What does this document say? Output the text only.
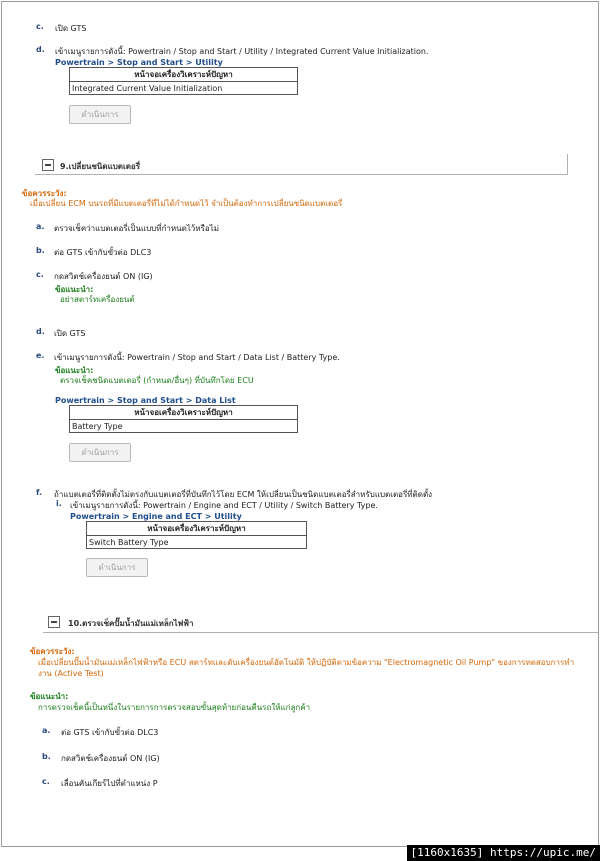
c. เปิด GTS
d. เข้าเมนูรายการดังนี้: Powertrain / Stop and Start / Utility / Integrated Current Value Initialization.
Powertrain > Stop and Start > Utility
หน้าจอเครื่องวิเคราะห์ปัญหา
Integrated Current Value Initialization
ดำเนินการ
9.เปลี่ยนชนิดแบตเตอรี่
ข้อควรระวัง:
เมื่อเปลี่ยน ECM บนรถที่มีแบตเตอรี่ที่ไม่ได้กำหนดไว้ จำเป็นต้องทำการเปลี่ยนชนิดแบตเตอรี่
a. ตรวจเช็คว่าแบตเตอรี่เป็นแบบที่กำหนดไว้หรือไม่
b. ต่อ GTS เข้ากับขั้วต่อ DLC3
c. กดสวิตช์เครื่องยนต์ ON (IG)
ข้อแนะนำ:
อย่าสตาร์ทเครื่องยนต์
d. เปิด GTS
e. เข้าเมนูรายการดังนี้: Powertrain / Stop and Start / Data List / Battery Type.
ข้อแนะนำ:
ตรวจเช็คชนิดแบตเตอรี่ (กำหนด/อื่นๆ) ที่บันทึกโดย ECU
Powertrain > Stop and Start > Data List
หน้าจอเครื่องวิเคราะห์ปัญหา
Battery Type
ดำเนินการ
f. ถ้าแบตเตอรี่ที่ติดตั้งไม่ตรงกับแบตเตอรี่ที่บันทึกไว้โดย ECM ให้เปลี่ยนเป็นชนิดแบตเตอรี่สำหรับแบตเตอรี่ที่ติดตั้ง
i. เข้าเมนูรายการดังนี้: Powertrain / Engine and ECT / Utility / Switch Battery Type.
Powertrain > Engine and ECT > Utility
หน้าจอเครื่องวิเคราะห์ปัญหา
Switch Battery Type
ดำเนินการ
10.ตรวจเช็คปั๊มน้ำมันแม่เหล็กไฟฟ้า
ข้อควรระวัง:
เมื่อเปลี่ยนปั๊มน้ำมันแม่เหล็กไฟฟ้าหรือ ECU สตาร์ทและดับเครื่องยนต์อัตโนมัติ ให้ปฏิบัติตามข้อความ "Electromagnetic Oil Pump" ของการทดสอบการทำ
งาน (Active Test)
ข้อแนะนำ:
การตรวจเช็คนี้เป็นหนึ่งในรายการการตรวจสอบขั้นสุดท้ายก่อนคืนรถให้แก่ลูกค้า
a. ต่อ GTS เข้ากับขั้วต่อ DLC3
b. กดสวิตช์เครื่องยนต์ ON (IG)
c. เลื่อนคันเกียร์ไปที่ตำแหน่ง P
[1160x1635] https://upic.me/
